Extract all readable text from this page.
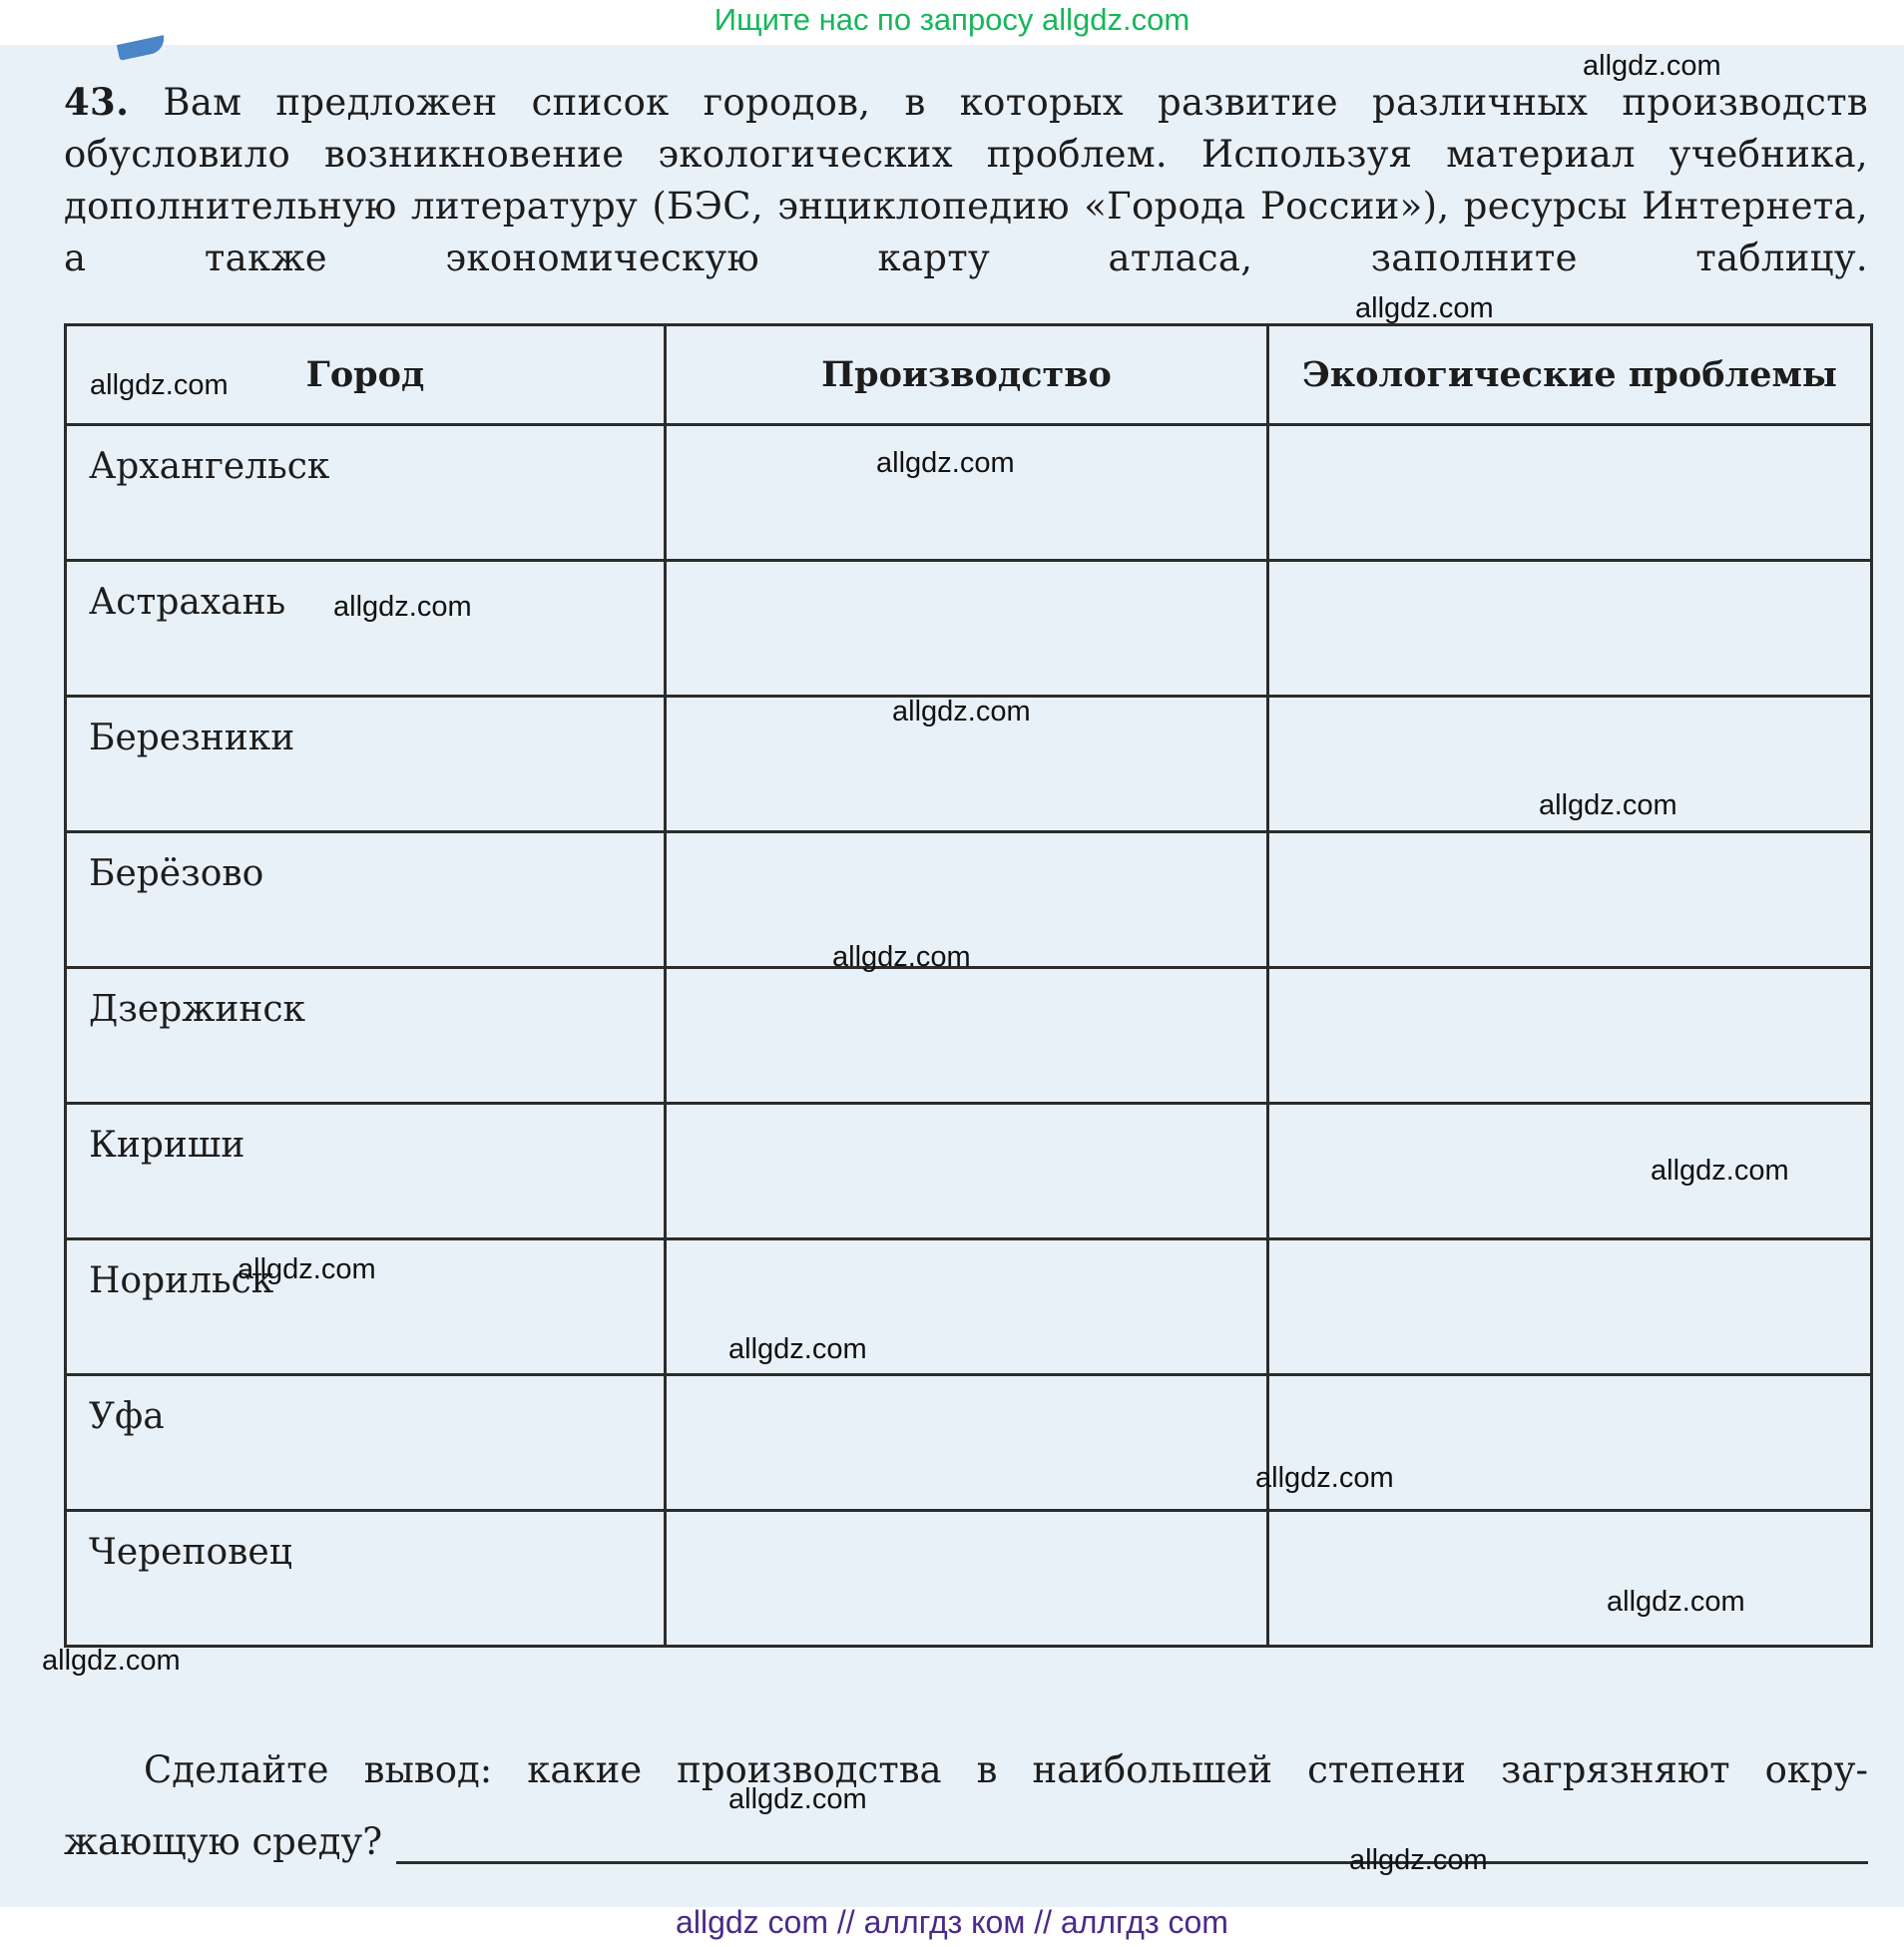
Ищите нас по запросу allgdz.com

43. Вам предложен список городов, в которых развитие различных производств обусловило возникновение экологических проблем. Используя материал учебника, дополнительную литературу (БЭС, энциклопедию «Города России»), ресурсы Интернета, а также экономическую карту атласа, заполните таблицу.

Город	Производство	Экологические проблемы
Архангельск		
Астрахань		
Березники		
Берёзово		
Дзержинск		
Кириши		
Норильск		
Уфа		
Череповец		
Сделайте вывод: какие производства в наибольшей степени загрязняют окру-
жающую среду?
allgdz.com
allgdz.com
allgdz.com
allgdz.com
allgdz.com
allgdz.com
allgdz.com
allgdz.com
allgdz.com
allgdz.com
allgdz.com
allgdz.com
allgdz.com
allgdz.com
allgdz.com
allgdz.com
allgdz com // аллгдз ком // аллгдз com
